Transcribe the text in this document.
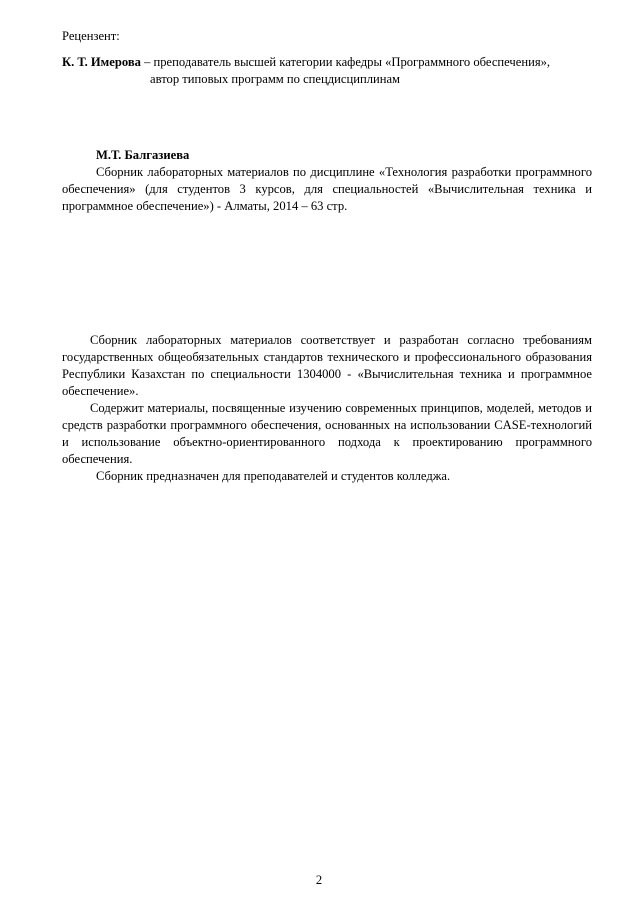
Рецензент:
К. Т. Имерова – преподаватель высшей категории кафедры «Программного обеспечения»,
автор типовых программ по спецдисциплинам
М.Т. Балгазиева
Сборник лабораторных материалов по дисциплине «Технология разработки программного обеспечения» (для студентов 3 курсов, для специальностей «Вычислительная техника и программное обеспечение») - Алматы, 2014 – 63 стр.
Сборник лабораторных материалов соответствует и разработан согласно требованиям государственных общеобязательных стандартов технического и профессионального образования Республики Казахстан по специальности 1304000 - «Вычислительная техника и программное обеспечение».
Содержит материалы, посвященные изучению современных принципов, моделей, методов и средств разработки программного обеспечения, основанных на использовании CASE-технологий и использование объектно-ориентированного подхода к проектированию программного обеспечения.
Сборник предназначен для преподавателей и студентов колледжа.
2
